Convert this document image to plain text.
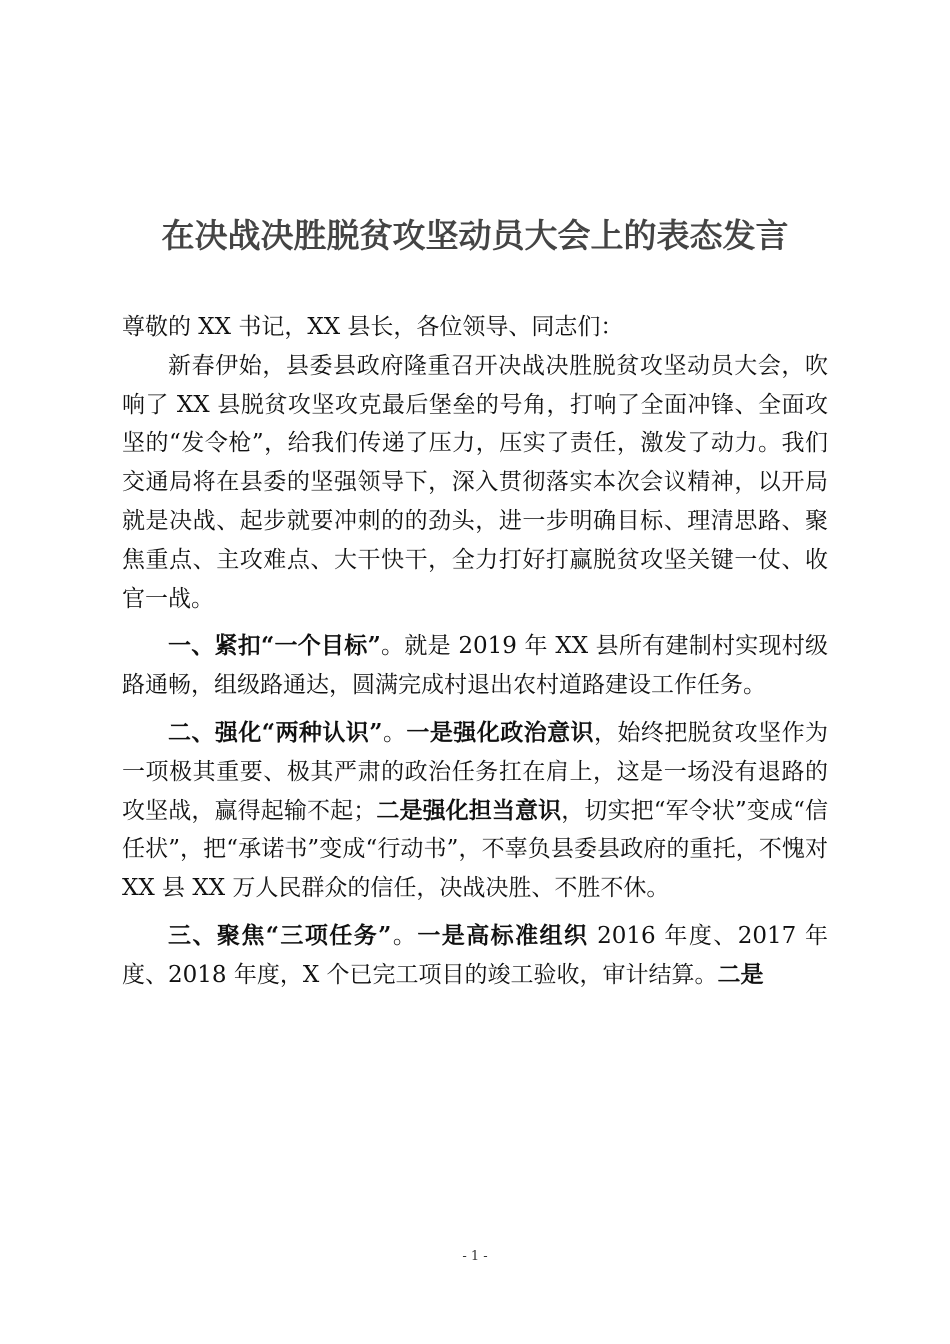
在决战决胜脱贫攻坚动员大会上的表态发言

尊敬的 XX 书记，XX 县长，各位领导、同志们：

新春伊始，县委县政府隆重召开决战决胜脱贫攻坚动员大会，吹响了 XX 县脱贫攻坚攻克最后堡垒的号角，打响了全面冲锋、全面攻坚的“发令枪”，给我们传递了压力，压实了责任，激发了动力。我们交通局将在县委的坚强领导下，深入贯彻落实本次会议精神，以开局就是决战、起步就要冲刺的的劲头，进一步明确目标、理清思路、聚焦重点、主攻难点、大干快干，全力打好打赢脱贫攻坚关键一仗、收官一战。

一、紧扣“一个目标”。就是 2019 年 XX 县所有建制村实现村级路通畅，组级路通达，圆满完成村退出农村道路建设工作任务。

二、强化“两种认识”。一是强化政治意识，始终把脱贫攻坚作为一项极其重要、极其严肃的政治任务扛在肩上，这是一场没有退路的攻坚战，赢得起输不起；二是强化担当意识，切实把“军令状”变成“信任状”，把“承诺书”变成“行动书”，不辜负县委县政府的重托，不愧对 XX 县 XX 万人民群众的信任，决战决胜、不胜不休。

三、聚焦“三项任务”。一是高标准组织 2016 年度、2017 年度、2018 年度，X 个已完工项目的竣工验收，审计结算。二是

- 1 -
